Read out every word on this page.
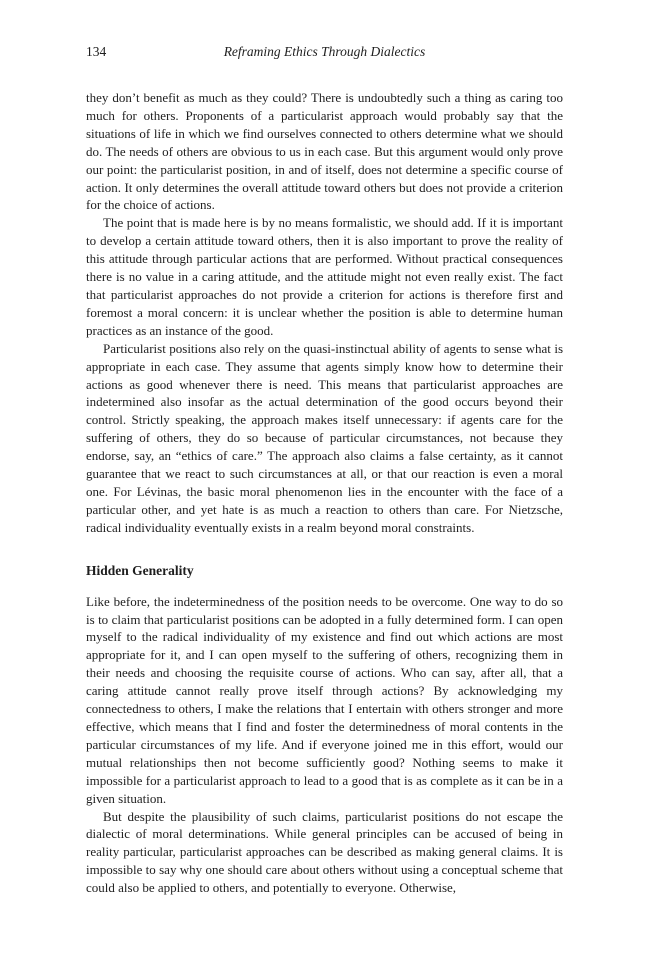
134	Reframing Ethics Through Dialectics

they don’t benefit as much as they could? There is undoubtedly such a thing as caring too much for others. Proponents of a particularist approach would probably say that the situations of life in which we find ourselves connected to others determine what we should do. The needs of others are obvious to us in each case. But this argument would only prove our point: the particularist position, in and of itself, does not determine a specific course of action. It only determines the overall attitude toward others but does not provide a criterion for the choice of actions.

The point that is made here is by no means formalistic, we should add. If it is important to develop a certain attitude toward others, then it is also important to prove the reality of this attitude through particular actions that are performed. Without practical consequences there is no value in a caring attitude, and the attitude might not even really exist. The fact that particularist approaches do not provide a criterion for actions is therefore first and foremost a moral concern: it is unclear whether the position is able to determine human practices as an instance of the good.

Particularist positions also rely on the quasi-instinctual ability of agents to sense what is appropriate in each case. They assume that agents simply know how to determine their actions as good whenever there is need. This means that particularist approaches are indetermined also insofar as the actual determination of the good occurs beyond their control. Strictly speaking, the approach makes itself unnecessary: if agents care for the suffering of others, they do so because of particular circumstances, not because they endorse, say, an “ethics of care.” The approach also claims a false certainty, as it cannot guarantee that we react to such circumstances at all, or that our reaction is even a moral one. For Lévinas, the basic moral phenomenon lies in the encounter with the face of a particular other, and yet hate is as much a reaction to others than care. For Nietzsche, radical individuality eventually exists in a realm beyond moral constraints.

Hidden Generality

Like before, the indeterminedness of the position needs to be overcome. One way to do so is to claim that particularist positions can be adopted in a fully determined form. I can open myself to the radical individuality of my existence and find out which actions are most appropriate for it, and I can open myself to the suffering of others, recognizing them in their needs and choosing the requisite course of actions. Who can say, after all, that a caring attitude cannot really prove itself through actions? By acknowledging my connectedness to others, I make the relations that I entertain with others stronger and more effective, which means that I find and foster the determinedness of moral contents in the particular circumstances of my life. And if everyone joined me in this effort, would our mutual relationships then not become sufficiently good? Nothing seems to make it impossible for a particularist approach to lead to a good that is as complete as it can be in a given situation.

But despite the plausibility of such claims, particularist positions do not escape the dialectic of moral determinations. While general principles can be accused of being in reality particular, particularist approaches can be described as making general claims. It is impossible to say why one should care about others without using a conceptual scheme that could also be applied to others, and potentially to everyone. Otherwise,
